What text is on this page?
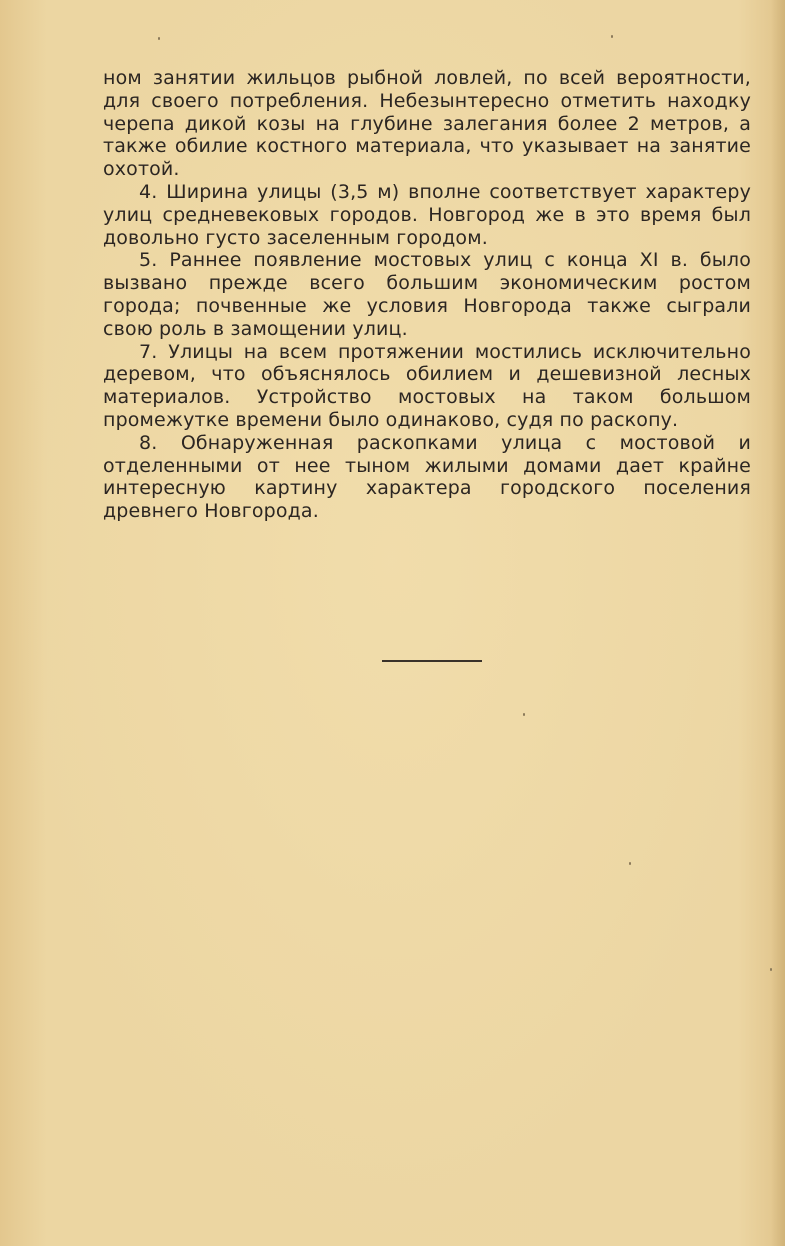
ном занятии жильцов рыбной ловлей, по всей вероятности, для своего потребления. Небезынтересно отметить находку черепа дикой козы на глубине залегания более 2 метров, а также обилие костного материала, что указывает на занятие охотой.

4. Ширина улицы (3,5 м) вполне соответствует характеру улиц средневековых городов. Новгород же в это время был довольно густо заселенным городом.

5. Раннее появление мостовых улиц с конца XI в. было вызвано прежде всего большим экономическим ростом города; почвенные же условия Новгорода также сыграли свою роль в замощении улиц.

7. Улицы на всем протяжении мостились исключительно деревом, что объяснялось обилием и дешевизной лесных материалов. Устройство мостовых на таком большом промежутке времени было одинаково, судя по раскопу.

8. Обнаруженная раскопками улица с мостовой и отделенными от нее тыном жилыми домами дает крайне интересную картину характера городского поселения древнего Новгорода.
